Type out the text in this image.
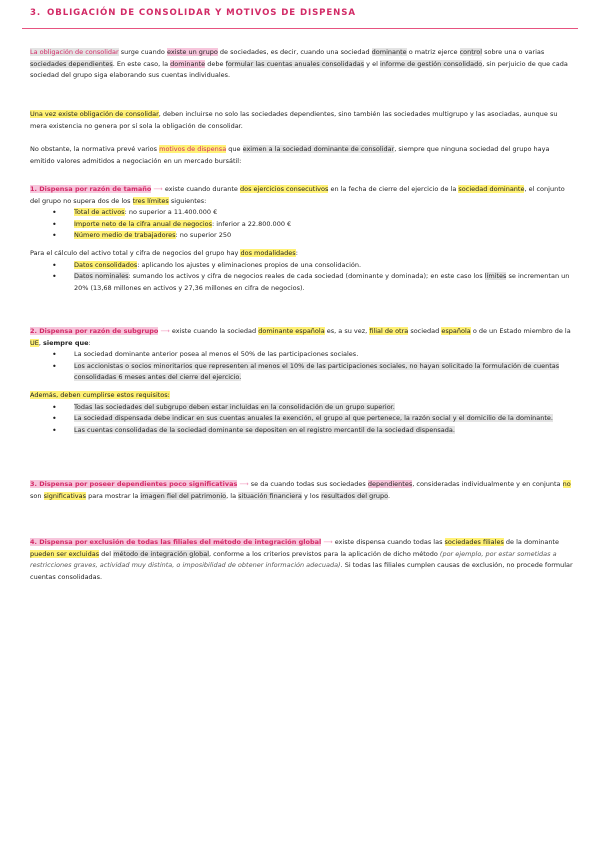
3. OBLIGACIÓN DE CONSOLIDAR Y MOTIVOS DE DISPENSA

La obligación de consolidar surge cuando existe un grupo de sociedades, es decir, cuando una sociedad dominante o matriz ejerce control sobre una o varias sociedades dependientes. En este caso, la dominante debe formular las cuentas anuales consolidadas y el informe de gestión consolidado, sin perjuicio de que cada sociedad del grupo siga elaborando sus cuentas individuales.

Una vez existe obligación de consolidar, deben incluirse no solo las sociedades dependientes, sino también las sociedades multigrupo y las asociadas, aunque su mera existencia no genera por sí sola la obligación de consolidar.

No obstante, la normativa prevé varios motivos de dispensa que eximen a la sociedad dominante de consolidar, siempre que ninguna sociedad del grupo haya emitido valores admitidos a negociación en un mercado bursátil:

1. Dispensa por razón de tamaño ⟶ existe cuando durante dos ejercicios consecutivos en la fecha de cierre del ejercicio de la sociedad dominante, el conjunto del grupo no supera dos de los tres límites siguientes:

• Total de activos: no superior a 11.400.000 €
• Importe neto de la cifra anual de negocios: inferior a 22.800.000 €
• Número medio de trabajadores: no superior 250

Para el cálculo del activo total y cifra de negocios del grupo hay dos modalidades:

• Datos consolidados: aplicando los ajustes y eliminaciones propios de una consolidación.

•	Datos nominales: sumando los activos y cifra de negocios reales de cada sociedad (dominante y dominada); en este caso los límites se incrementan un 20% (13,68 millones en activos y 27,36 millones en cifra de negocios).

2. Dispensa por razón de subgrupo ⟶ existe cuando la sociedad dominante española es, a su vez, filial de otra sociedad española o de un Estado miembro de la UE, siempre que:

• La sociedad dominante anterior posea al menos el 50% de las participaciones sociales.

•	Los accionistas o socios minoritarios que representen al menos el 10% de las participaciones sociales, no hayan solicitado la formulación de cuentas consolidadas 6 meses antes del cierre del ejercicio.

Además, deben cumplirse estos requisitos:

• Todas las sociedades del subgrupo deben estar incluidas en la consolidación de un grupo superior.
• La sociedad dispensada debe indicar en sus cuentas anuales la exención, el grupo al que pertenece, la razón social y el domicilio de la dominante.
• Las cuentas consolidadas de la sociedad dominante se depositen en el registro mercantil de la sociedad dispensada.

3. Dispensa por poseer dependientes poco significativas ⟶ se da cuando todas sus sociedades dependientes, consideradas individualmente y en conjunta no son significativas para mostrar la imagen fiel del patrimonio, la situación financiera y los resultados del grupo.

4. Dispensa por exclusión de todas las filiales del método de integración global ⟶ existe dispensa cuando todas las sociedades filiales de la dominante pueden ser excluidas del método de integración global, conforme a los criterios previstos para la aplicación de dicho método (por ejemplo, por estar sometidas a restricciones graves, actividad muy distinta, o imposibilidad de obtener información adecuada). Si todas las filiales cumplen causas de exclusión, no procede formular cuentas consolidadas.
